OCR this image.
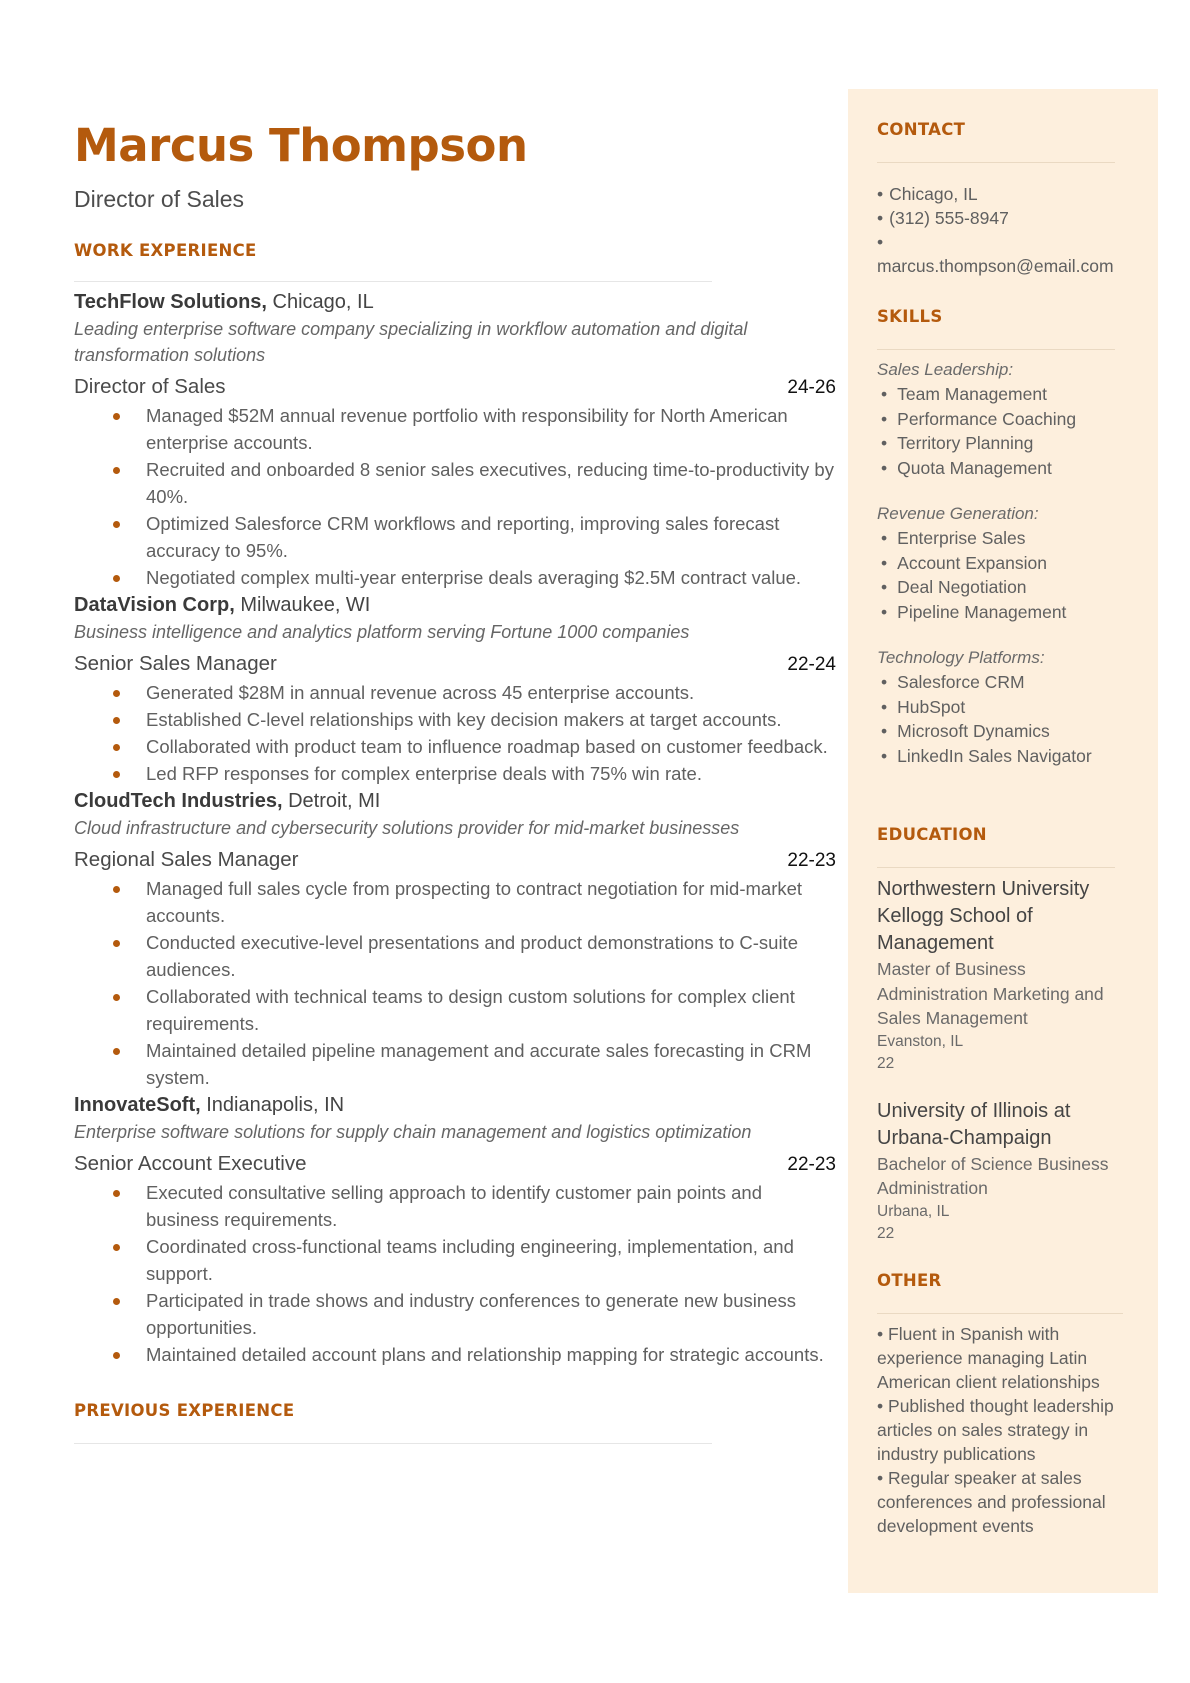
Marcus Thompson
Director of Sales
WORK EXPERIENCE
TechFlow Solutions, Chicago, IL
Leading enterprise software company specializing in workflow automation and digital transformation solutions
Director of Sales	24-26
Managed $52M annual revenue portfolio with responsibility for North American enterprise accounts.
Recruited and onboarded 8 senior sales executives, reducing time-to-productivity by 40%.
Optimized Salesforce CRM workflows and reporting, improving sales forecast accuracy to 95%.
Negotiated complex multi-year enterprise deals averaging $2.5M contract value.
DataVision Corp, Milwaukee, WI
Business intelligence and analytics platform serving Fortune 1000 companies
Senior Sales Manager	22-24
Generated $28M in annual revenue across 45 enterprise accounts.
Established C-level relationships with key decision makers at target accounts.
Collaborated with product team to influence roadmap based on customer feedback.
Led RFP responses for complex enterprise deals with 75% win rate.
CloudTech Industries, Detroit, MI
Cloud infrastructure and cybersecurity solutions provider for mid-market businesses
Regional Sales Manager	22-23
Managed full sales cycle from prospecting to contract negotiation for mid-market accounts.
Conducted executive-level presentations and product demonstrations to C-suite audiences.
Collaborated with technical teams to design custom solutions for complex client requirements.
Maintained detailed pipeline management and accurate sales forecasting in CRM system.
InnovateSoft, Indianapolis, IN
Enterprise software solutions for supply chain management and logistics optimization
Senior Account Executive	22-23
Executed consultative selling approach to identify customer pain points and business requirements.
Coordinated cross-functional teams including engineering, implementation, and support.
Participated in trade shows and industry conferences to generate new business opportunities.
Maintained detailed account plans and relationship mapping for strategic accounts.
PREVIOUS EXPERIENCE
CONTACT
• Chicago, IL
• (312) 555-8947
•
marcus.thompson@email.com
SKILLS
Sales Leadership:
• Team Management
• Performance Coaching
• Territory Planning
• Quota Management
Revenue Generation:
• Enterprise Sales
• Account Expansion
• Deal Negotiation
• Pipeline Management
Technology Platforms:
• Salesforce CRM
• HubSpot
• Microsoft Dynamics
• LinkedIn Sales Navigator
EDUCATION
Northwestern University Kellogg School of Management
Master of Business Administration Marketing and Sales Management
Evanston, IL
22
University of Illinois at Urbana-Champaign
Bachelor of Science Business Administration
Urbana, IL
22
OTHER
• Fluent in Spanish with experience managing Latin American client relationships
• Published thought leadership articles on sales strategy in industry publications
• Regular speaker at sales conferences and professional development events
